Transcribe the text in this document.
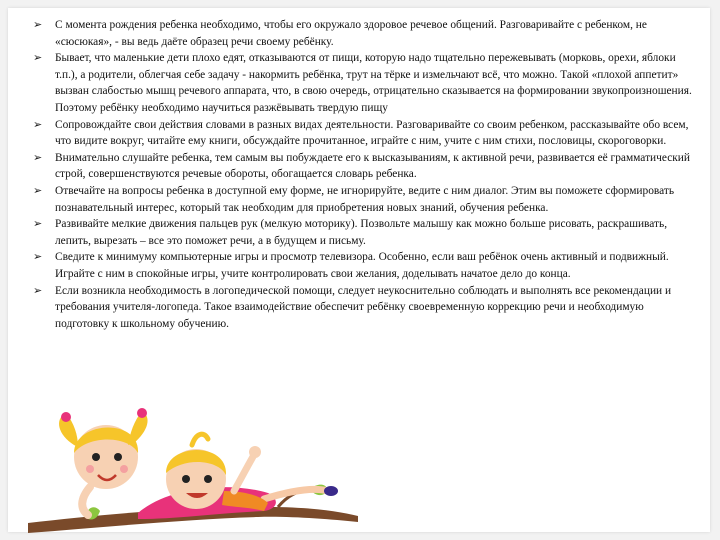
➢	С момента рождения ребенка необходимо, чтобы его окружало здоровое речевое общений. Разговаривайте с ребенком, не «сюсюкая», - вы ведь даёте образец речи своему ребёнку.
➢	Бывает, что маленькие дети плохо едят, отказываются от пищи, которую надо тщательно пережевывать (морковь, орехи, яблоки т.п.), а родители, облегчая себе задачу - накормить ребёнка, трут на тёрке и измельчают всё, что можно. Такой «плохой аппетит» вызван слабостью мышц речевого аппарата, что, в свою очередь, отрицательно сказывается на формировании звукопроизношения. Поэтому ребёнку необходимо научиться разжёвывать твердую пищу
➢	Сопровождайте свои действия словами в разных видах деятельности. Разговаривайте со своим ребенком, рассказывайте обо всем, что видите вокруг, читайте ему книги, обсуждайте прочитанное, играйте с ним, учите с ним стихи, пословицы, скороговорки.
➢	Внимательно слушайте ребенка, тем самым вы побуждаете его к высказываниям, к активной речи, развивается её грамматический строй, совершенствуются речевые обороты, обогащается словарь ребенка.
➢	Отвечайте на вопросы ребенка в доступной ему форме, не игнорируйте, ведите с ним диалог. Этим вы поможете сформировать познавательный интерес, который так необходим для приобретения новых знаний, обучения ребенка.
➢	Развивайте мелкие движения пальцев рук (мелкую моторику). Позвольте малышу как можно больше рисовать, раскрашивать, лепить, вырезать – все это поможет речи, а в будущем и письму.
➢	Сведите к минимуму компьютерные игры и просмотр телевизора. Особенно, если ваш ребёнок очень активный и подвижный. Играйте с ним в спокойные игры, учите контролировать свои желания, доделывать начатое дело до конца.
➢	Если возникла необходимость в логопедической помощи, следует неукоснительно соблюдать и выполнять все рекомендации и требования учителя-логопеда. Такое взаимодействие обеспечит ребёнку своевременную коррекцию речи и необходимую подготовку к школьному обучению.
